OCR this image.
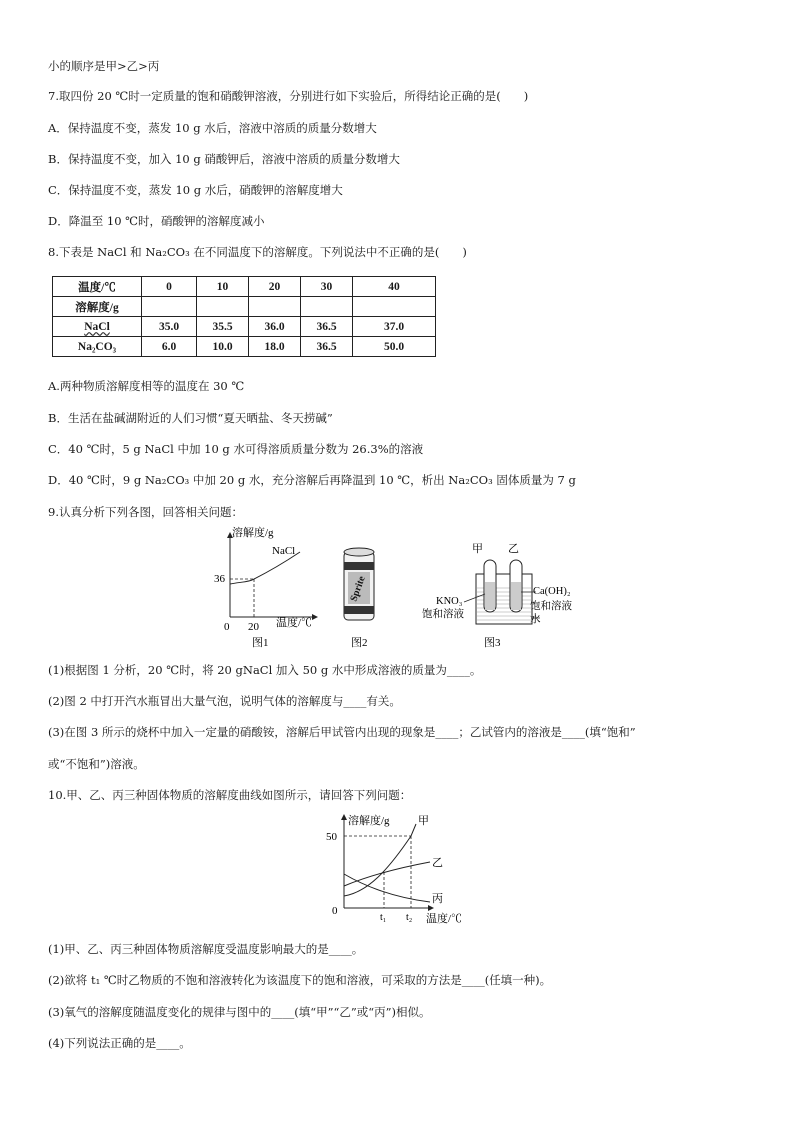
小的顺序是甲>乙>丙
7.取四份 20 ℃时一定质量的饱和硝酸钾溶液，分别进行如下实验后，所得结论正确的是(　　)
A．保持温度不变，蒸发 10 g 水后，溶液中溶质的质量分数增大
B．保持温度不变，加入 10 g 硝酸钾后，溶液中溶质的质量分数增大
C．保持温度不变，蒸发 10 g 水后，硝酸钾的溶解度增大
D．降温至 10 ℃时，硝酸钾的溶解度减小
8.下表是 NaCl 和 Na₂CO₃ 在不同温度下的溶解度。下列说法中不正确的是(　　)
温度/℃	0	10	20	30	40
溶解度/g					
NaCl	35.0	35.5	36.0	36.5	37.0
Na₂CO₃	6.0	10.0	18.0	36.5	50.0
A.两种物质溶解度相等的温度在 30 ℃
B．生活在盐碱湖附近的人们习惯“夏天晒盐、冬天捞碱”
C．40 ℃时，5 g NaCl 中加 10 g 水可得溶质质量分数为 26.3%的溶液
D．40 ℃时，9 g Na₂CO₃ 中加 20 g 水，充分溶解后再降温到 10 ℃，析出 Na₂CO₃ 固体质量为 7 g
9.认真分析下列各图，回答相关问题：
溶解度/g
NaCl
36
0 20 温度/℃
图1
Sprite
图2
甲 乙
KNO₃
饱和溶液
Ca(OH)₂
饱和溶液
水
图3
(1)根据图 1 分析，20 ℃时，将 20 gNaCl 加入 50 g 水中形成溶液的质量为____。
(2)图 2 中打开汽水瓶冒出大量气泡，说明气体的溶解度与____有关。
(3)在图 3 所示的烧杯中加入一定量的硝酸铵，溶解后甲试管内出现的现象是____；乙试管内的溶液是____(填“饱和”
或“不饱和”)溶液。
10.甲、乙、丙三种固体物质的溶解度曲线如图所示，请回答下列问题：
溶解度/g
50
0
t₁ t₂ 温度/℃
甲
乙
丙
(1)甲、乙、丙三种固体物质溶解度受温度影响最大的是____。
(2)欲将 t₁ ℃时乙物质的不饱和溶液转化为该温度下的饱和溶液，可采取的方法是____(任填一种)。
(3)氧气的溶解度随温度变化的规律与图中的____(填“甲”“乙”或“丙”)相似。
(4)下列说法正确的是____。
